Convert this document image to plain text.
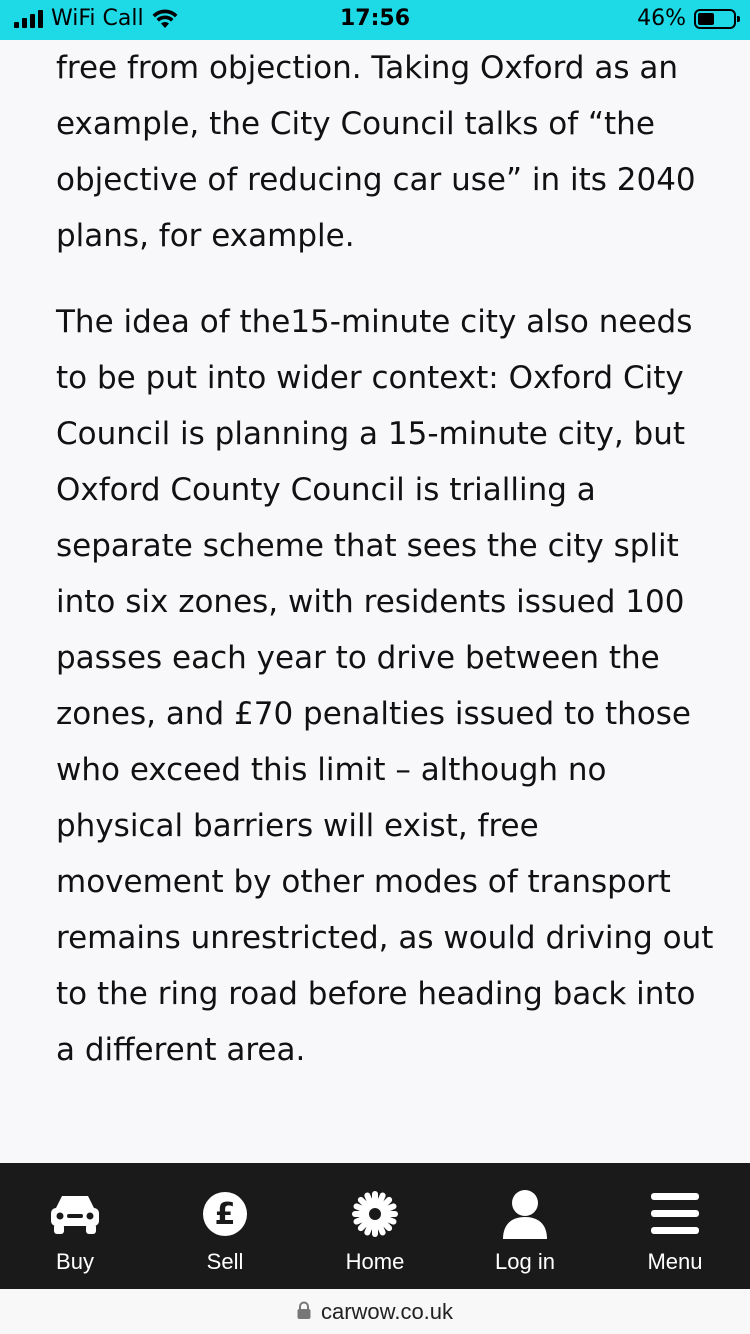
WiFi Call	17:56	46%

free from objection. Taking Oxford as an example, the City Council talks of “the objective of reducing car use” in its 2040 plans, for example.

The idea of the15-minute city also needs to be put into wider context: Oxford City Council is planning a 15-minute city, but Oxford County Council is trialling a separate scheme that sees the city split into six zones, with residents issued 100 passes each year to drive between the zones, and £70 penalties issued to those who exceed this limit – although no physical barriers will exist, free movement by other modes of transport remains unrestricted, as would driving out to the ring road before heading back into a different area.

Buy
£
Sell	Home	Log in	Menu
carwow.co.uk
